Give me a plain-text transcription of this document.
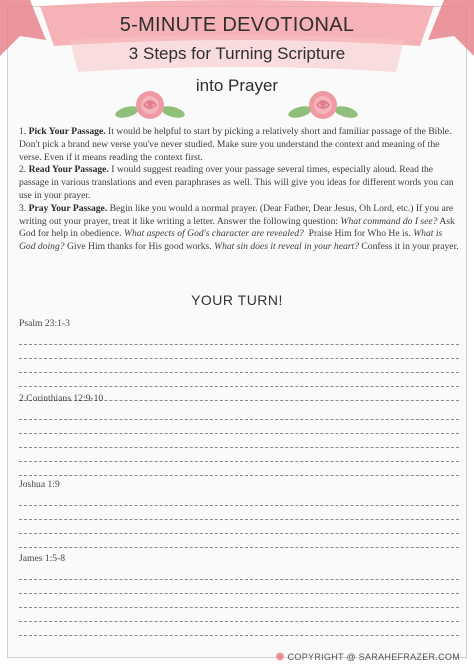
5-MINUTE DEVOTIONAL
3 Steps for Turning Scripture
into Prayer

1. Pick Your Passage. It would be helpful to start by picking a relatively short and familiar passage of the Bible. Don't pick a brand new verse you've never studied. Make sure you understand the context and meaning of the verse. Even if it means reading the context first.

2. Read Your Passage. I would suggest reading over your passage several times, especially aloud. Read the passage in various translations and even paraphrases as well. This will give you ideas for different words you can use in your prayer.

3. Pray Your Passage. Begin like you would a normal prayer. (Dear Father, Dear Jesus, Oh Lord, etc.) If you are writing out your prayer, treat it like writing a letter. Answer the following question: What command do I see? Ask God for help in obedience. What aspects of God's character are revealed? Praise Him for Who He is. What is God doing? Give Him thanks for His good works. What sin does it reveal in your heart? Confess it in your prayer.

YOUR TURN!
Psalm 23:1-3
2 Corinthians 12:9-10
Joshua 1:9
James 1:5-8
COPYRIGHT @ SARAHEFRAZER.COM
